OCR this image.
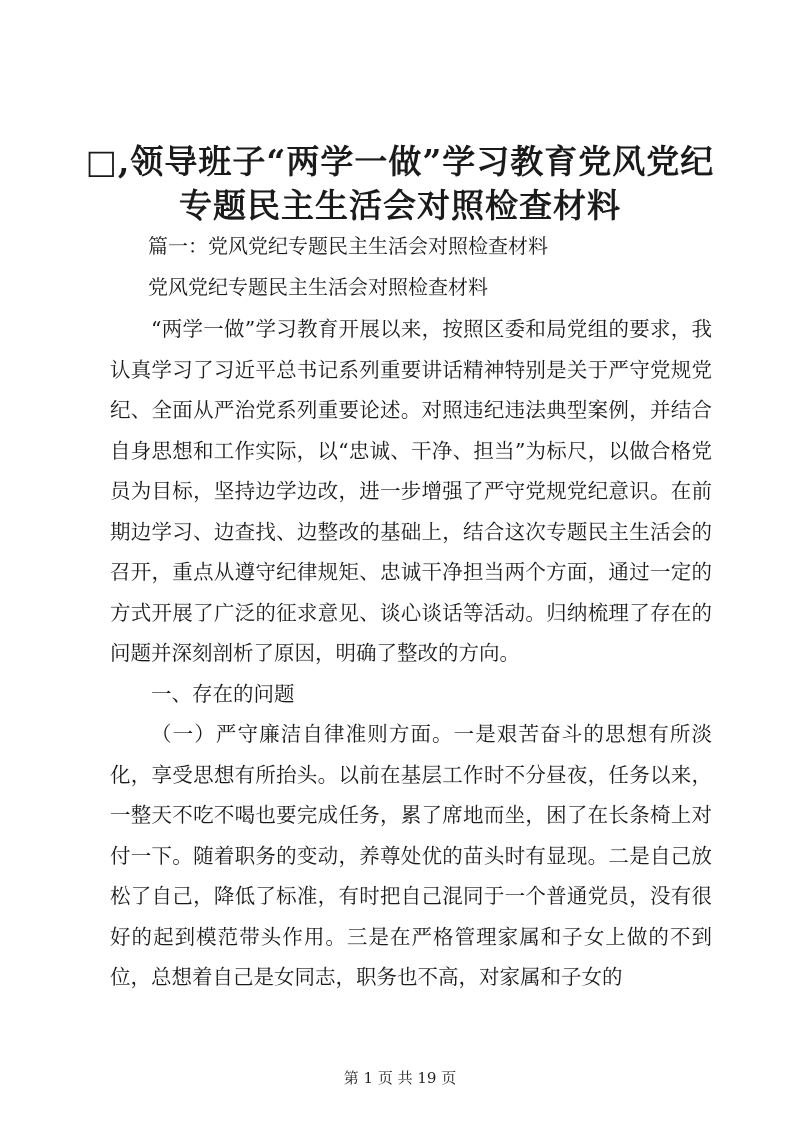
□,领导班子“两学一做”学习教育党风党纪
专题民主生活会对照检查材料

篇一：党风党纪专题民主生活会对照检查材料

党风党纪专题民主生活会对照检查材料

“两学一做”学习教育开展以来，按照区委和局党组的要求，我认真学习了习近平总书记系列重要讲话精神特别是关于严守党规党纪、全面从严治党系列重要论述。对照违纪违法典型案例，并结合自身思想和工作实际，以“忠诚、干净、担当”为标尺，以做合格党员为目标，坚持边学边改，进一步增强了严守党规党纪意识。在前期边学习、边查找、边整改的基础上，结合这次专题民主生活会的召开，重点从遵守纪律规矩、忠诚干净担当两个方面，通过一定的方式开展了广泛的征求意见、谈心谈话等活动。归纳梳理了存在的问题并深刻剖析了原因，明确了整改的方向。

一、存在的问题

（一）严守廉洁自律准则方面。一是艰苦奋斗的思想有所淡化，享受思想有所抬头。以前在基层工作时不分昼夜，任务以来，一整天不吃不喝也要完成任务，累了席地而坐，困了在长条椅上对付一下。随着职务的变动，养尊处优的苗头时有显现。二是自己放松了自己，降低了标准，有时把自己混同于一个普通党员，没有很好的起到模范带头作用。三是在严格管理家属和子女上做的不到位，总想着自己是女同志，职务也不高，对家属和子女的

第 1 页 共 19 页
